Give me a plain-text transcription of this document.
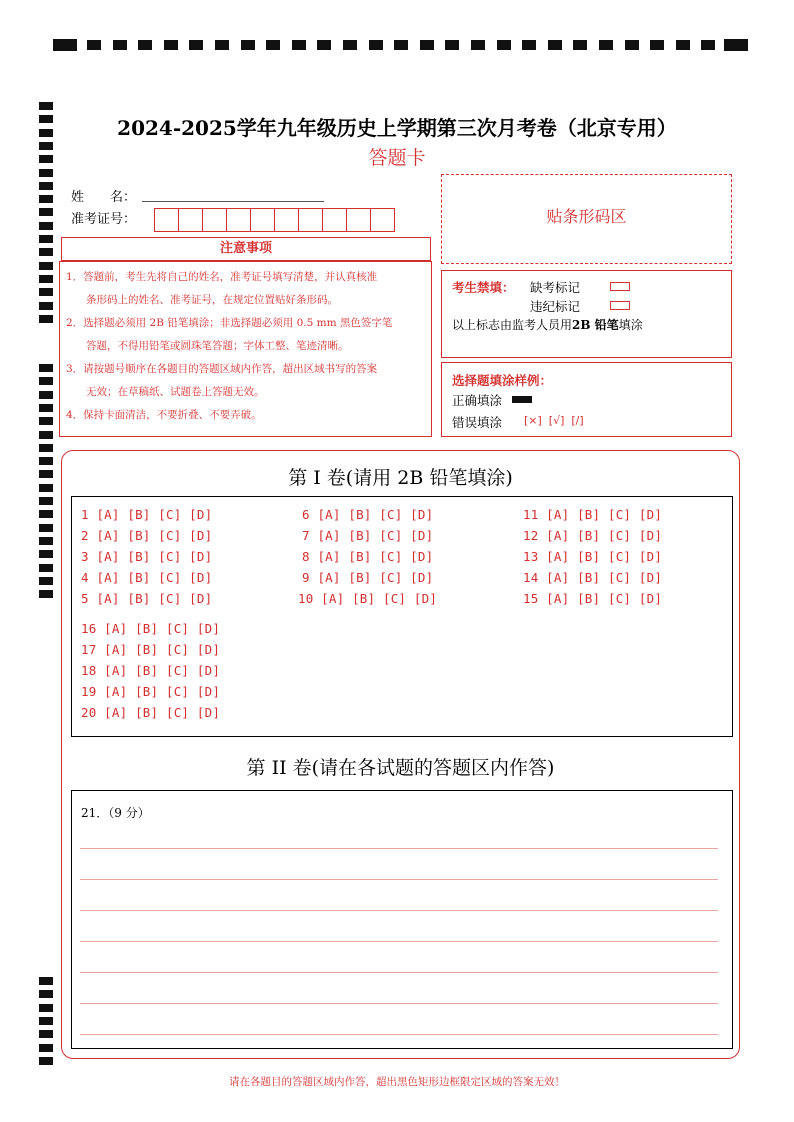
2024-2025学年九年级历史上学期第三次月考卷（北京专用）
答题卡
姓　　名：
准考证号：	贴条形码区
注意事项
1．答题前，考生先将自己的姓名，准考证号填写清楚，并认真核准
条形码上的姓名、准考证号，在规定位置贴好条形码。
2．选择题必须用 2B 铅笔填涂；非选择题必须用 0.5 mm 黑色签字笔
答题，不得用铅笔或圆珠笔答题；字体工整、笔迹清晰。
3．请按题号顺序在各题目的答题区域内作答，超出区域书写的答案
无效；在草稿纸、试题卷上答题无效。
4．保持卡面清洁，不要折叠、不要弄破。
考生禁填： 缺考标记
违纪标记
以上标志由监考人员用2B 铅笔填涂
选择题填涂样例：
正确填涂
错误填涂 [×]  [√]  [/]
第 I 卷(请用 2B 铅笔填涂)
1 [A] [B] [C] [D]
2 [A] [B] [C] [D]
3 [A] [B] [C] [D]
4 [A] [B] [C] [D]
5 [A] [B] [C] [D]
6 [A] [B] [C] [D]
7 [A] [B] [C] [D]
8 [A] [B] [C] [D]
9 [A] [B] [C] [D]
10 [A] [B] [C] [D]
11 [A] [B] [C] [D]
12 [A] [B] [C] [D]
13 [A] [B] [C] [D]
14 [A] [B] [C] [D]
15 [A] [B] [C] [D]
16 [A] [B] [C] [D]
17 [A] [B] [C] [D]
18 [A] [B] [C] [D]
19 [A] [B] [C] [D]
20 [A] [B] [C] [D]
第 II 卷(请在各试题的答题区内作答)
21．（9 分）
请在各题目的答题区域内作答，超出黑色矩形边框限定区域的答案无效！
